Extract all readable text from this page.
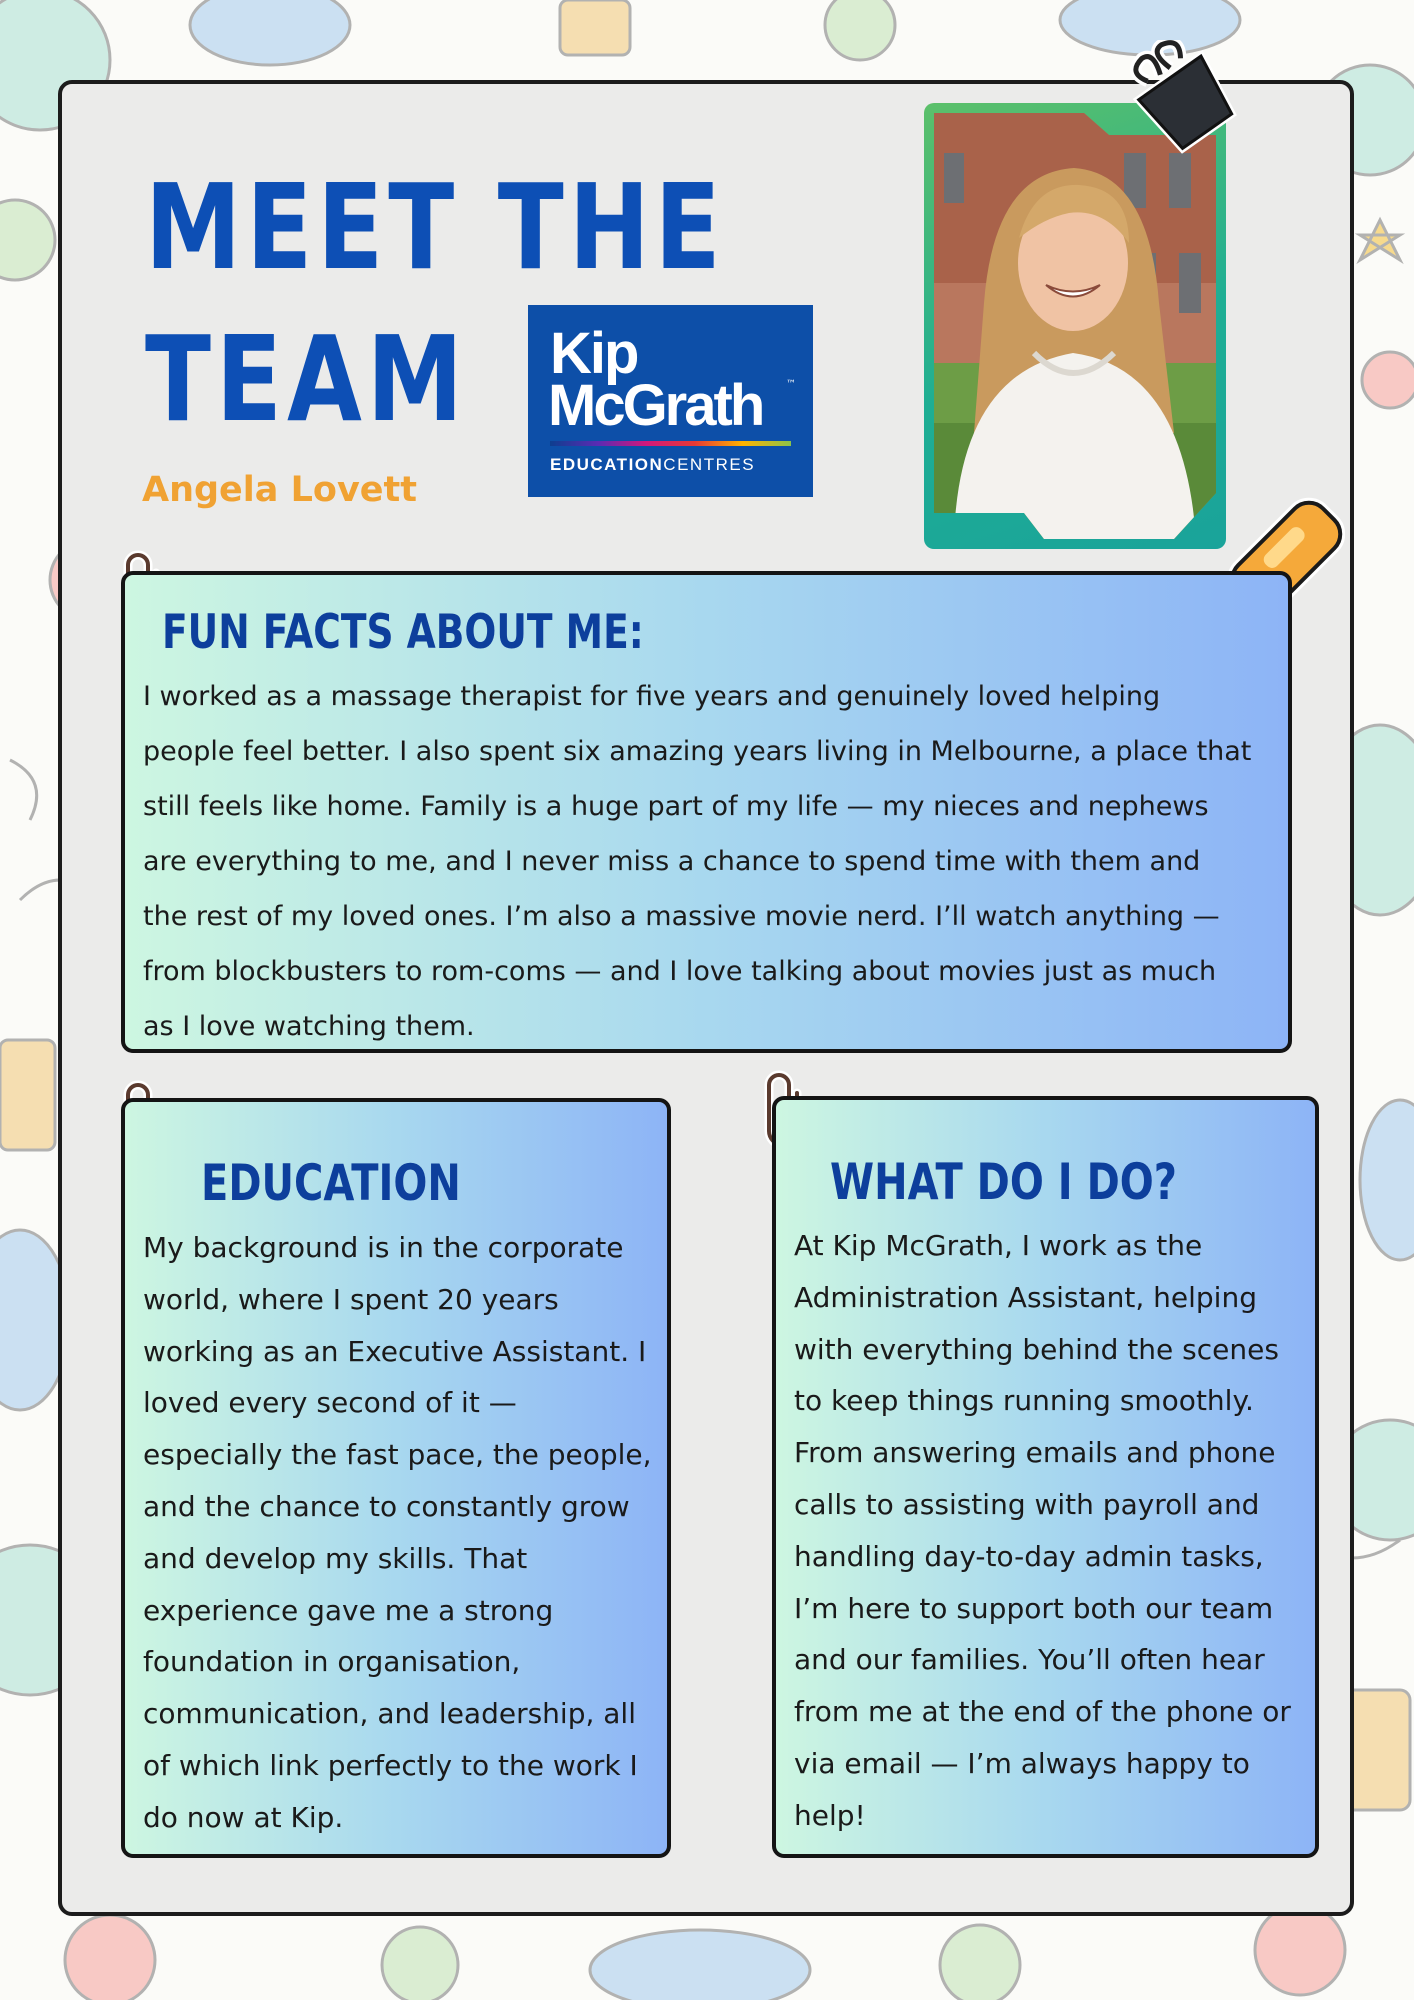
MEET THE
TEAM

Angela Lovett

Kip
McGrath ™
EDUCATIONCENTRES
FUN FACTS ABOUT ME:

I worked as a massage therapist for five years and genuinely loved helping people feel better. I also spent six amazing years living in Melbourne, a place that still feels like home. Family is a huge part of my life — my nieces and nephews are everything to me, and I never miss a chance to spend time with them and the rest of my loved ones. I’m also a massive movie nerd. I’ll watch anything — from blockbusters to rom-coms — and I love talking about movies just as much as I love watching them.

EDUCATION

My background is in the corporate world, where I spent 20 years working as an Executive Assistant. I loved every second of it — especially the fast pace, the people, and the chance to constantly grow and develop my skills. That experience gave me a strong foundation in organisation, communication, and leadership, all of which link perfectly to the work I do now at Kip.

WHAT DO I DO?

At Kip McGrath, I work as the Administration Assistant, helping with everything behind the scenes to keep things running smoothly. From answering emails and phone calls to assisting with payroll and handling day-to-day admin tasks, I’m here to support both our team and our families. You’ll often hear from me at the end of the phone or via email — I’m always happy to help!
